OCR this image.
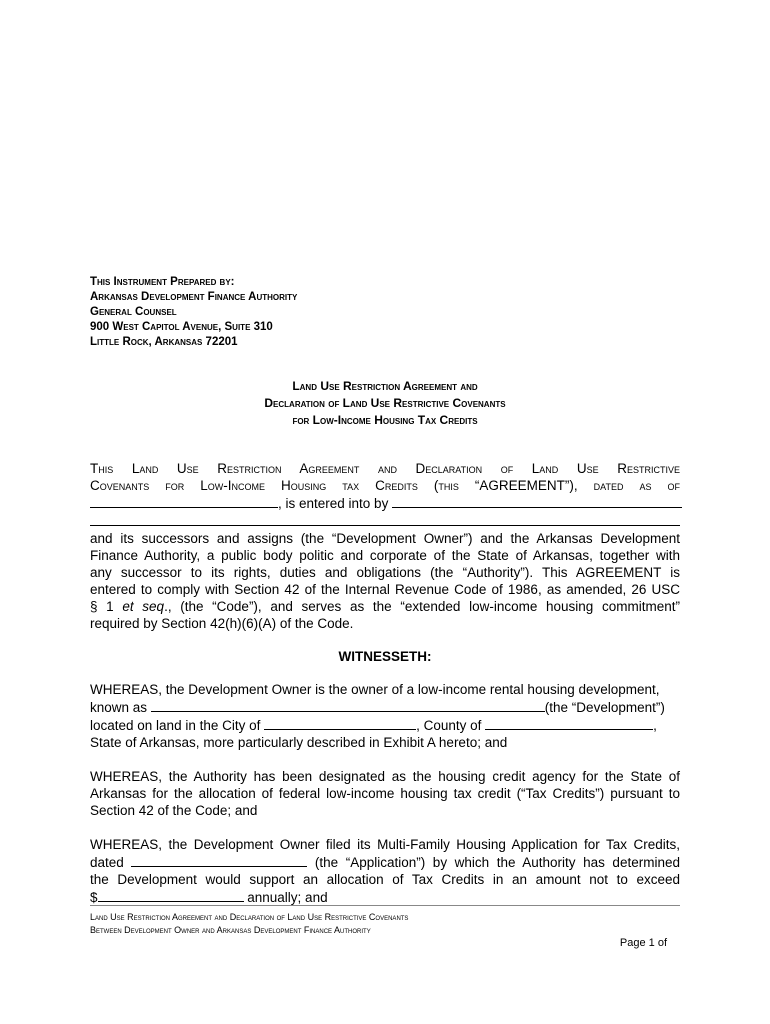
This Instrument Prepared by:
Arkansas Development Finance Authority
General Counsel
900 West Capitol Avenue, Suite 310
Little Rock, Arkansas 72201
Land Use Restriction Agreement and
Declaration of Land Use Restrictive Covenants
for Low-Income Housing Tax Credits

This Land Use Restriction Agreement and Declaration of Land Use Restrictive
Covenants for Low-Income Housing tax Credits (this “AGREEMENT”), dated as of
, is entered into by
and its successors and assigns (the “Development Owner”) and the Arkansas Development
Finance Authority, a public body politic and corporate of the State of Arkansas, together with
any successor to its rights, duties and obligations (the “Authority”). This AGREEMENT is
entered to comply with Section 42 of the Internal Revenue Code of 1986, as amended, 26 USC
§ 1 et seq., (the “Code”), and serves as the “extended low-income housing commitment”
required by Section 42(h)(6)(A) of the Code.

WITNESSETH:

WHEREAS, the Development Owner is the owner of a low-income rental housing development,
known as	(the “Development”)
located on land in the City of	, County of	,
State of Arkansas, more particularly described in Exhibit A hereto; and

WHEREAS, the Authority has been designated as the housing credit agency for the State of
Arkansas for the allocation of federal low-income housing tax credit (“Tax Credits”) pursuant to
Section 42 of the Code; and

WHEREAS, the Development Owner filed its Multi-Family Housing Application for Tax Credits,
dated	(the “Application”) by which the Authority has determined
the Development would support an allocation of Tax Credits in an amount not to exceed
$	annually; and

Land Use Restriction Agreement and Declaration of Land Use Restrictive Covenants
Between Development Owner and Arkansas Development Finance Authority
Page 1 of
